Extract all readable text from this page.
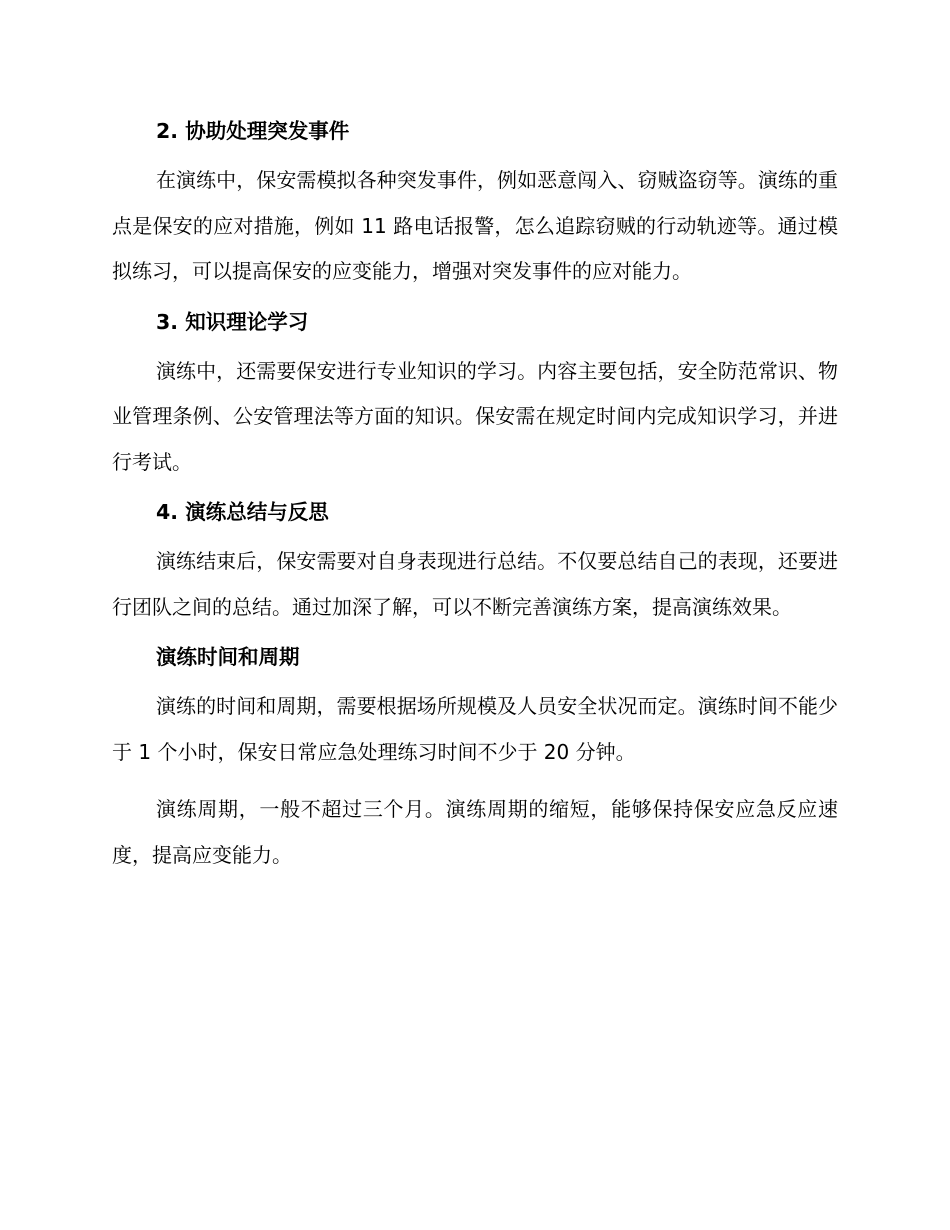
2. 协助处理突发事件

在演练中，保安需模拟各种突发事件，例如恶意闯入、窃贼盗窃等。演练的重点是保安的应对措施，例如 11 路电话报警，怎么追踪窃贼的行动轨迹等。通过模拟练习，可以提高保安的应变能力，增强对突发事件的应对能力。

3. 知识理论学习

演练中，还需要保安进行专业知识的学习。内容主要包括，安全防范常识、物业管理条例、公安管理法等方面的知识。保安需在规定时间内完成知识学习，并进行考试。

4. 演练总结与反思

演练结束后，保安需要对自身表现进行总结。不仅要总结自己的表现，还要进行团队之间的总结。通过加深了解，可以不断完善演练方案，提高演练效果。

演练时间和周期

演练的时间和周期，需要根据场所规模及人员安全状况而定。演练时间不能少于 1 个小时，保安日常应急处理练习时间不少于 20 分钟。

演练周期，一般不超过三个月。演练周期的缩短，能够保持保安应急反应速度，提高应变能力。
